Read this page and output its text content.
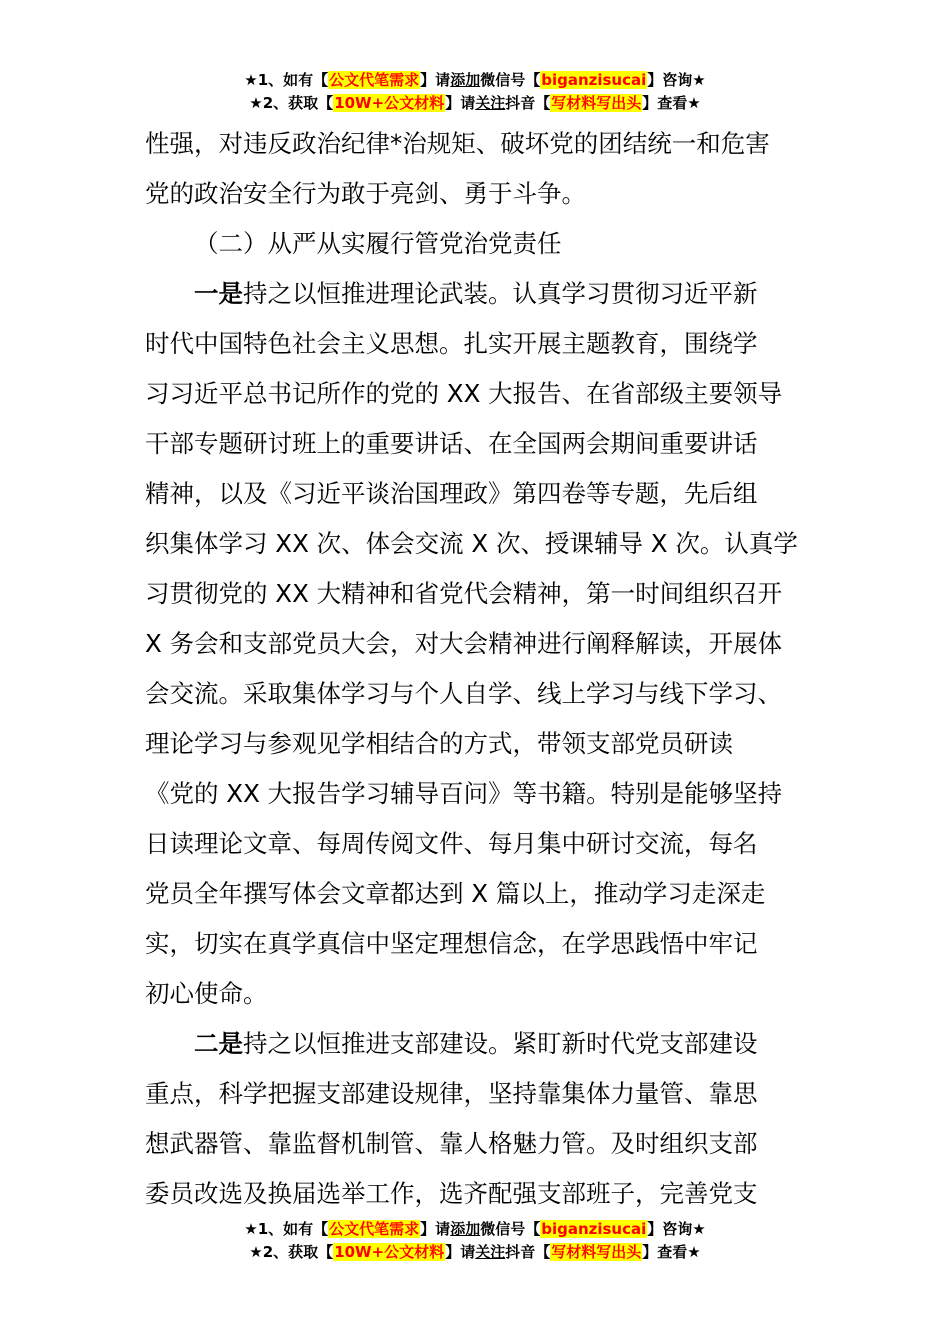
★1、如有【公文代笔需求】请添加微信号【biganzisucai】咨询★
★2、获取【10W+公文材料】请关注抖音【写材料写出头】查看★
性强，对违反政治纪律*治规矩、破坏党的团结统一和危害
党的政治安全行为敢于亮剑、勇于斗争。
（二）从严从实履行管党治党责任
一是持之以恒推进理论武装。认真学习贯彻习近平新
时代中国特色社会主义思想。扎实开展主题教育，围绕学
习习近平总书记所作的党的 XX 大报告、在省部级主要领导
干部专题研讨班上的重要讲话、在全国两会期间重要讲话
精神，以及《习近平谈治国理政》第四卷等专题，先后组
织集体学习 XX 次、体会交流 X 次、授课辅导 X 次。认真学
习贯彻党的 XX 大精神和省党代会精神，第一时间组织召开
X 务会和支部党员大会，对大会精神进行阐释解读，开展体
会交流。采取集体学习与个人自学、线上学习与线下学习、
理论学习与参观见学相结合的方式，带领支部党员研读
《党的 XX 大报告学习辅导百问》等书籍。特别是能够坚持
日读理论文章、每周传阅文件、每月集中研讨交流，每名
党员全年撰写体会文章都达到 X 篇以上，推动学习走深走
实，切实在真学真信中坚定理想信念，在学思践悟中牢记
初心使命。
二是持之以恒推进支部建设。紧盯新时代党支部建设
重点，科学把握支部建设规律，坚持靠集体力量管、靠思
想武器管、靠监督机制管、靠人格魅力管。及时组织支部
委员改选及换届选举工作，选齐配强支部班子，完善党支
★1、如有【公文代笔需求】请添加微信号【biganzisucai】咨询★
★2、获取【10W+公文材料】请关注抖音【写材料写出头】查看★
